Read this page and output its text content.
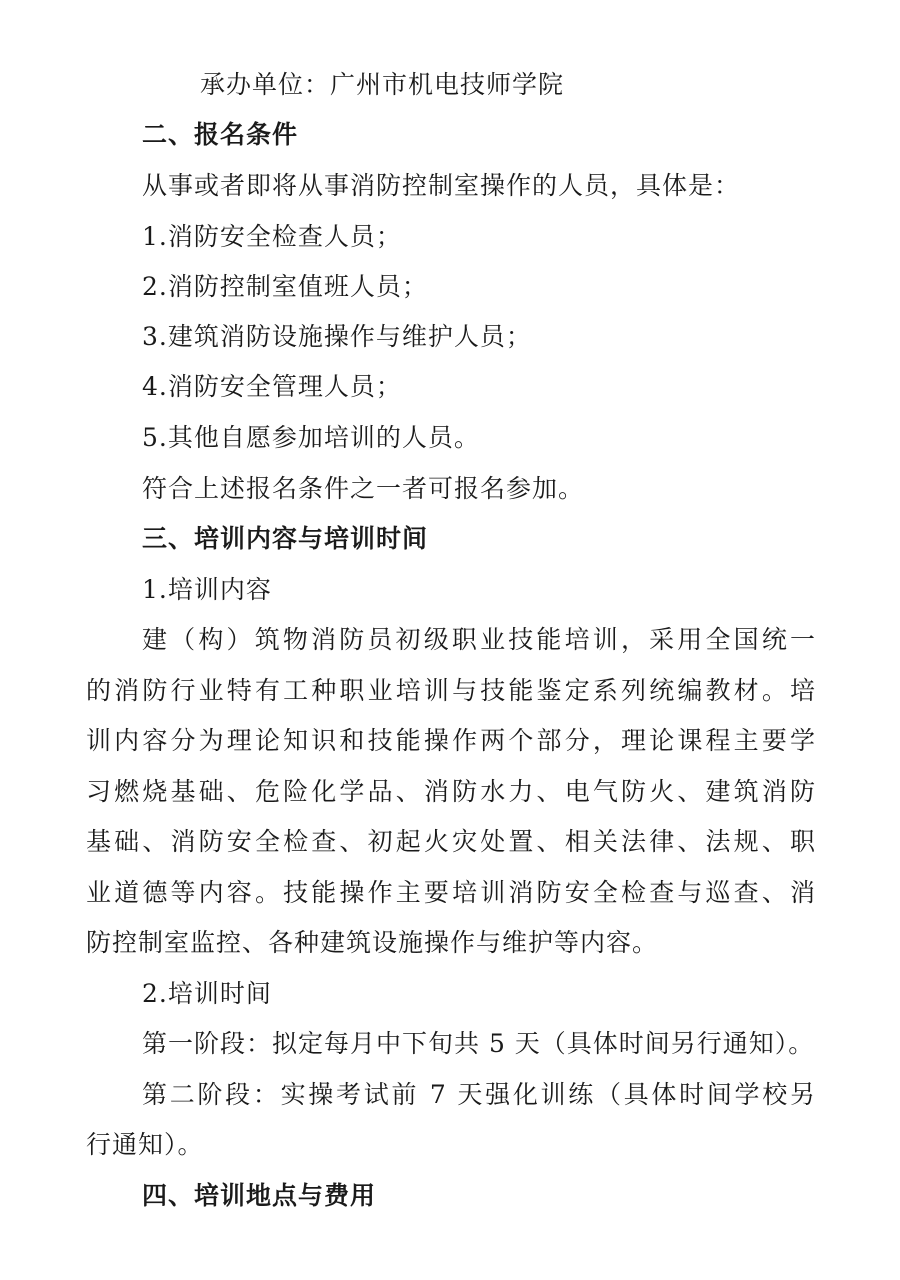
承办单位：广州市机电技师学院
二、报名条件
从事或者即将从事消防控制室操作的人员，具体是：
1.消防安全检查人员；
2.消防控制室值班人员；
3.建筑消防设施操作与维护人员；
4.消防安全管理人员；
5.其他自愿参加培训的人员。
符合上述报名条件之一者可报名参加。
三、培训内容与培训时间
1.培训内容
建（构）筑物消防员初级职业技能培训，采用全国统一
的消防行业特有工种职业培训与技能鉴定系列统编教材。培
训内容分为理论知识和技能操作两个部分，理论课程主要学
习燃烧基础、危险化学品、消防水力、电气防火、建筑消防
基础、消防安全检查、初起火灾处置、相关法律、法规、职
业道德等内容。技能操作主要培训消防安全检查与巡查、消
防控制室监控、各种建筑设施操作与维护等内容。
2.培训时间
第一阶段：拟定每月中下旬共 5 天（具体时间另行通知）。
第二阶段：实操考试前 7 天强化训练（具体时间学校另
行通知）。
四、培训地点与费用
